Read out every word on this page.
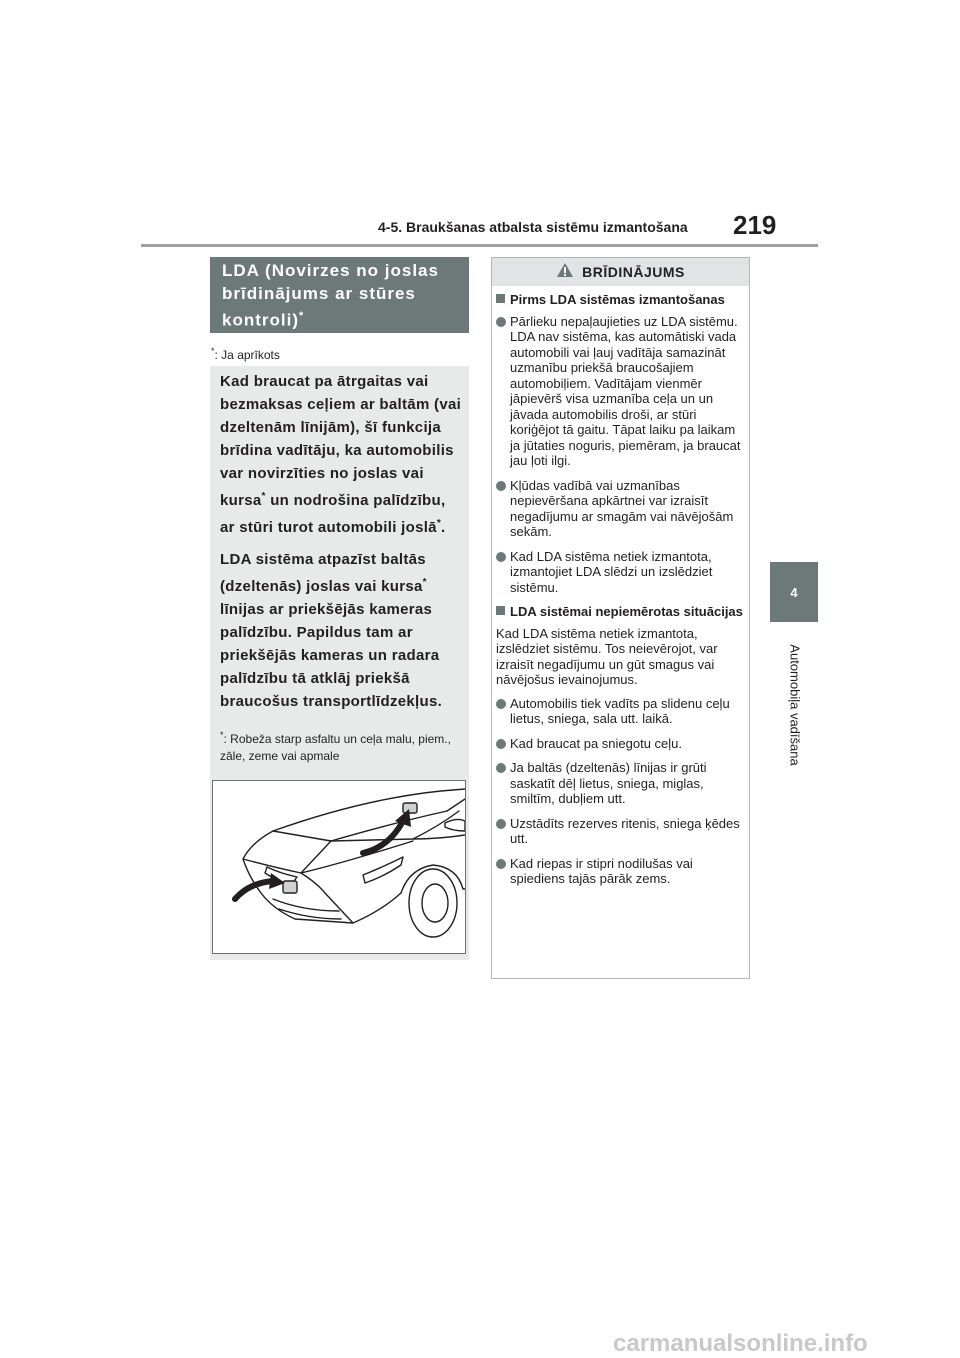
4-5. Braukšanas atbalsta sistēmu izmantošana 219
4
Automobiļa vadīšana
LDA (Novirzes no joslas brīdinājums ar stūres kontroli)*
*: Ja aprīkots

Kad braucat pa ātrgaitas vai bezmaksas ceļiem ar baltām (vai dzeltenām līnijām), šī funkcija brīdina vadītāju, ka automobilis var novirzīties no joslas vai kursa* un nodrošina palīdzību, ar stūri turot automobili joslā*.

LDA sistēma atpazīst baltās (dzeltenās) joslas vai kursa* līnijas ar priekšējās kameras palīdzību. Papildus tam ar priekšējās kameras un radara palīdzību tā atklāj priekšā braucošus transportlīdzekļus.

*: Robeža starp asfaltu un ceļa malu, piem., zāle, zeme vai apmale
BRĪDINĀJUMS
Pirms LDA sistēmas izmantošanas
Pārlieku nepaļaujieties uz LDA sistēmu. LDA nav sistēma, kas automātiski vada automobili vai ļauj vadītāja samazināt uzmanību priekšā braucošajiem automobiļiem. Vadītājam vienmēr jāpievērš visa uzmanība ceļa un un jāvada automobilis droši, ar stūri koriģējot tā gaitu. Tāpat laiku pa laikam ja jūtaties noguris, piemēram, ja braucat jau ļoti ilgi.
Kļūdas vadībā vai uzmanības nepievēršana apkārtnei var izraisīt negadījumu ar smagām vai nāvējošām sekām.
Kad LDA sistēma netiek izmantota, izmantojiet LDA slēdzi un izslēdziet sistēmu.
LDA sistēmai nepiemērotas situācijas
Kad LDA sistēma netiek izmantota, izslēdziet sistēmu. Tos neievērojot, var izraisīt negadījumu un gūt smagus vai nāvējošus ievainojumus.
Automobilis tiek vadīts pa slidenu ceļu lietus, sniega, sala utt. laikā.
Kad braucat pa sniegotu ceļu.
Ja baltās (dzeltenās) līnijas ir grūti saskatīt dēļ lietus, sniega, miglas, smiltīm, dubļiem utt.
Uzstādīts rezerves ritenis, sniega ķēdes utt.
Kad riepas ir stipri nodilušas vai spiediens tajās pārāk zems.
carmanualsonline.info
